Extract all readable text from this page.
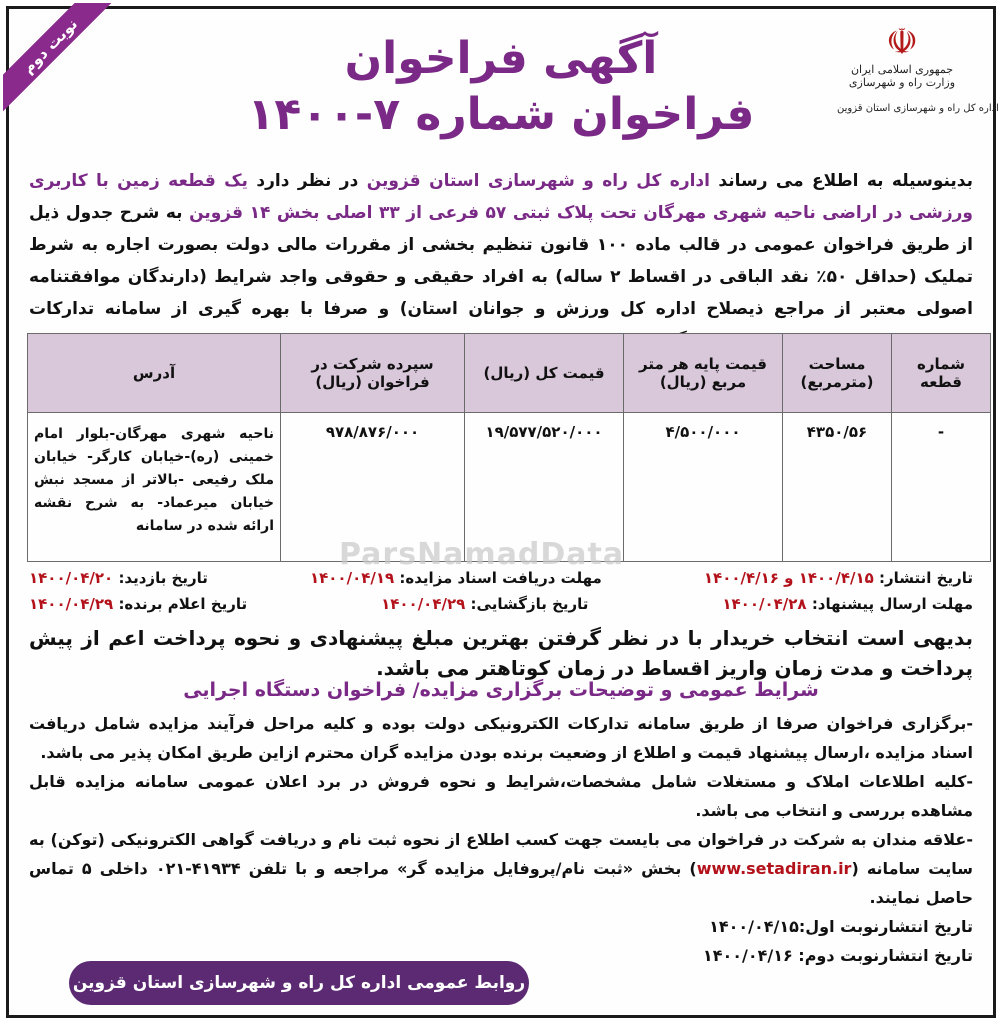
نوبت دوم	☫
جمهوری اسلامی ایران
وزارت راه و شهرسازی
اداره کل راه و شهرسازی استان قزوین
آگهی فراخوان
فراخوان شماره ۷-۱۴۰۰
بدینوسیله به اطلاع می رساند اداره کل راه و شهرسازی استان قزوین در نظر دارد یک قطعه زمین با کاربری ورزشی در اراضی ناحیه شهری مهرگان تحت پلاک ثبتی ۵۷ فرعی از ۳۳ اصلی بخش ۱۴ قزوین به شرح جدول ذیل از طریق فراخوان عمومی در قالب ماده ۱۰۰ قانون تنظیم بخشی از مقررات مالی دولت بصورت اجاره به شرط تملیک (حداقل ۵۰٪ نقد الباقی در اقساط ۲ ساله) به افراد حقیقی و حقوقی واجد شرایط (دارندگان موافقتنامه اصولی معتبر از مراجع ذیصلاح اداره کل ورزش و جوانان استان) و صرفا با بهره گیری از سامانه تدارکات
شماره قطعه	مساحت (مترمربع)	قیمت پایه هر متر مربع (ریال)	قیمت کل (ریال)	سپرده شرکت در فراخوان (ریال)	آدرس
-	۴۳۵۰/۵۶	۴/۵۰۰/۰۰۰	۱۹/۵۷۷/۵۲۰/۰۰۰	۹۷۸/۸۷۶/۰۰۰	ناحیه شهری مهرگان-بلوار امام خمینی (ره)-خیابان کارگر- خیابان ملک رفیعی -بالاتر از مسجد نبش خیابان میرعماد- به شرح نقشه ارائه شده در سامانه
ParsNamadData
تاریخ انتشار: ۱۴۰۰/۴/۱۵ و ۱۴۰۰/۴/۱۶
مهلت دریافت اسناد مزایده: ۱۴۰۰/۰۴/۱۹
تاریخ بازدید: ۱۴۰۰/۰۴/۲۰
مهلت ارسال پیشنهاد: ۱۴۰۰/۰۴/۲۸
تاریخ بازگشایی: ۱۴۰۰/۰۴/۲۹
تاریخ اعلام برنده: ۱۴۰۰/۰۴/۲۹
بدیهی است انتخاب خریدار با در نظر گرفتن بهترین مبلغ پیشنهادی و نحوه پرداخت اعم از پیش پرداخت و مدت زمان واریز اقساط در زمان کوتاهتر می باشد.
شرایط عمومی و توضیحات برگزاری مزایده/ فراخوان دستگاه اجرایی
-برگزاری فراخوان صرفا از طریق سامانه تدارکات الکترونیکی دولت بوده و کلیه مراحل فرآیند مزایده شامل دریافت اسناد مزایده ،ارسال پیشنهاد قیمت و اطلاع از وضعیت برنده بودن مزایده گران محترم ازاین طریق امکان پذیر می باشد.
-کلیه اطلاعات املاک و مستغلات شامل مشخصات،شرایط و نحوه فروش در برد اعلان عمومی سامانه مزایده قابل مشاهده بررسی و انتخاب می باشد.
-علاقه مندان به شرکت در فراخوان می بایست جهت کسب اطلاع از نحوه ثبت نام و دریافت گواهی الکترونیکی (توکن) به سایت سامانه (www.setadiran.ir) بخش «ثبت نام/پروفایل مزایده گر» مراجعه و با تلفن ۴۱۹۳۴-۰۲۱ داخلی ۵ تماس حاصل نمایند.
تاریخ انتشارنوبت اول:۱۴۰۰/۰۴/۱۵
تاریخ انتشارنوبت دوم: ۱۴۰۰/۰۴/۱۶
روابط عمومی اداره کل راه و شهرسازی استان قزوین
